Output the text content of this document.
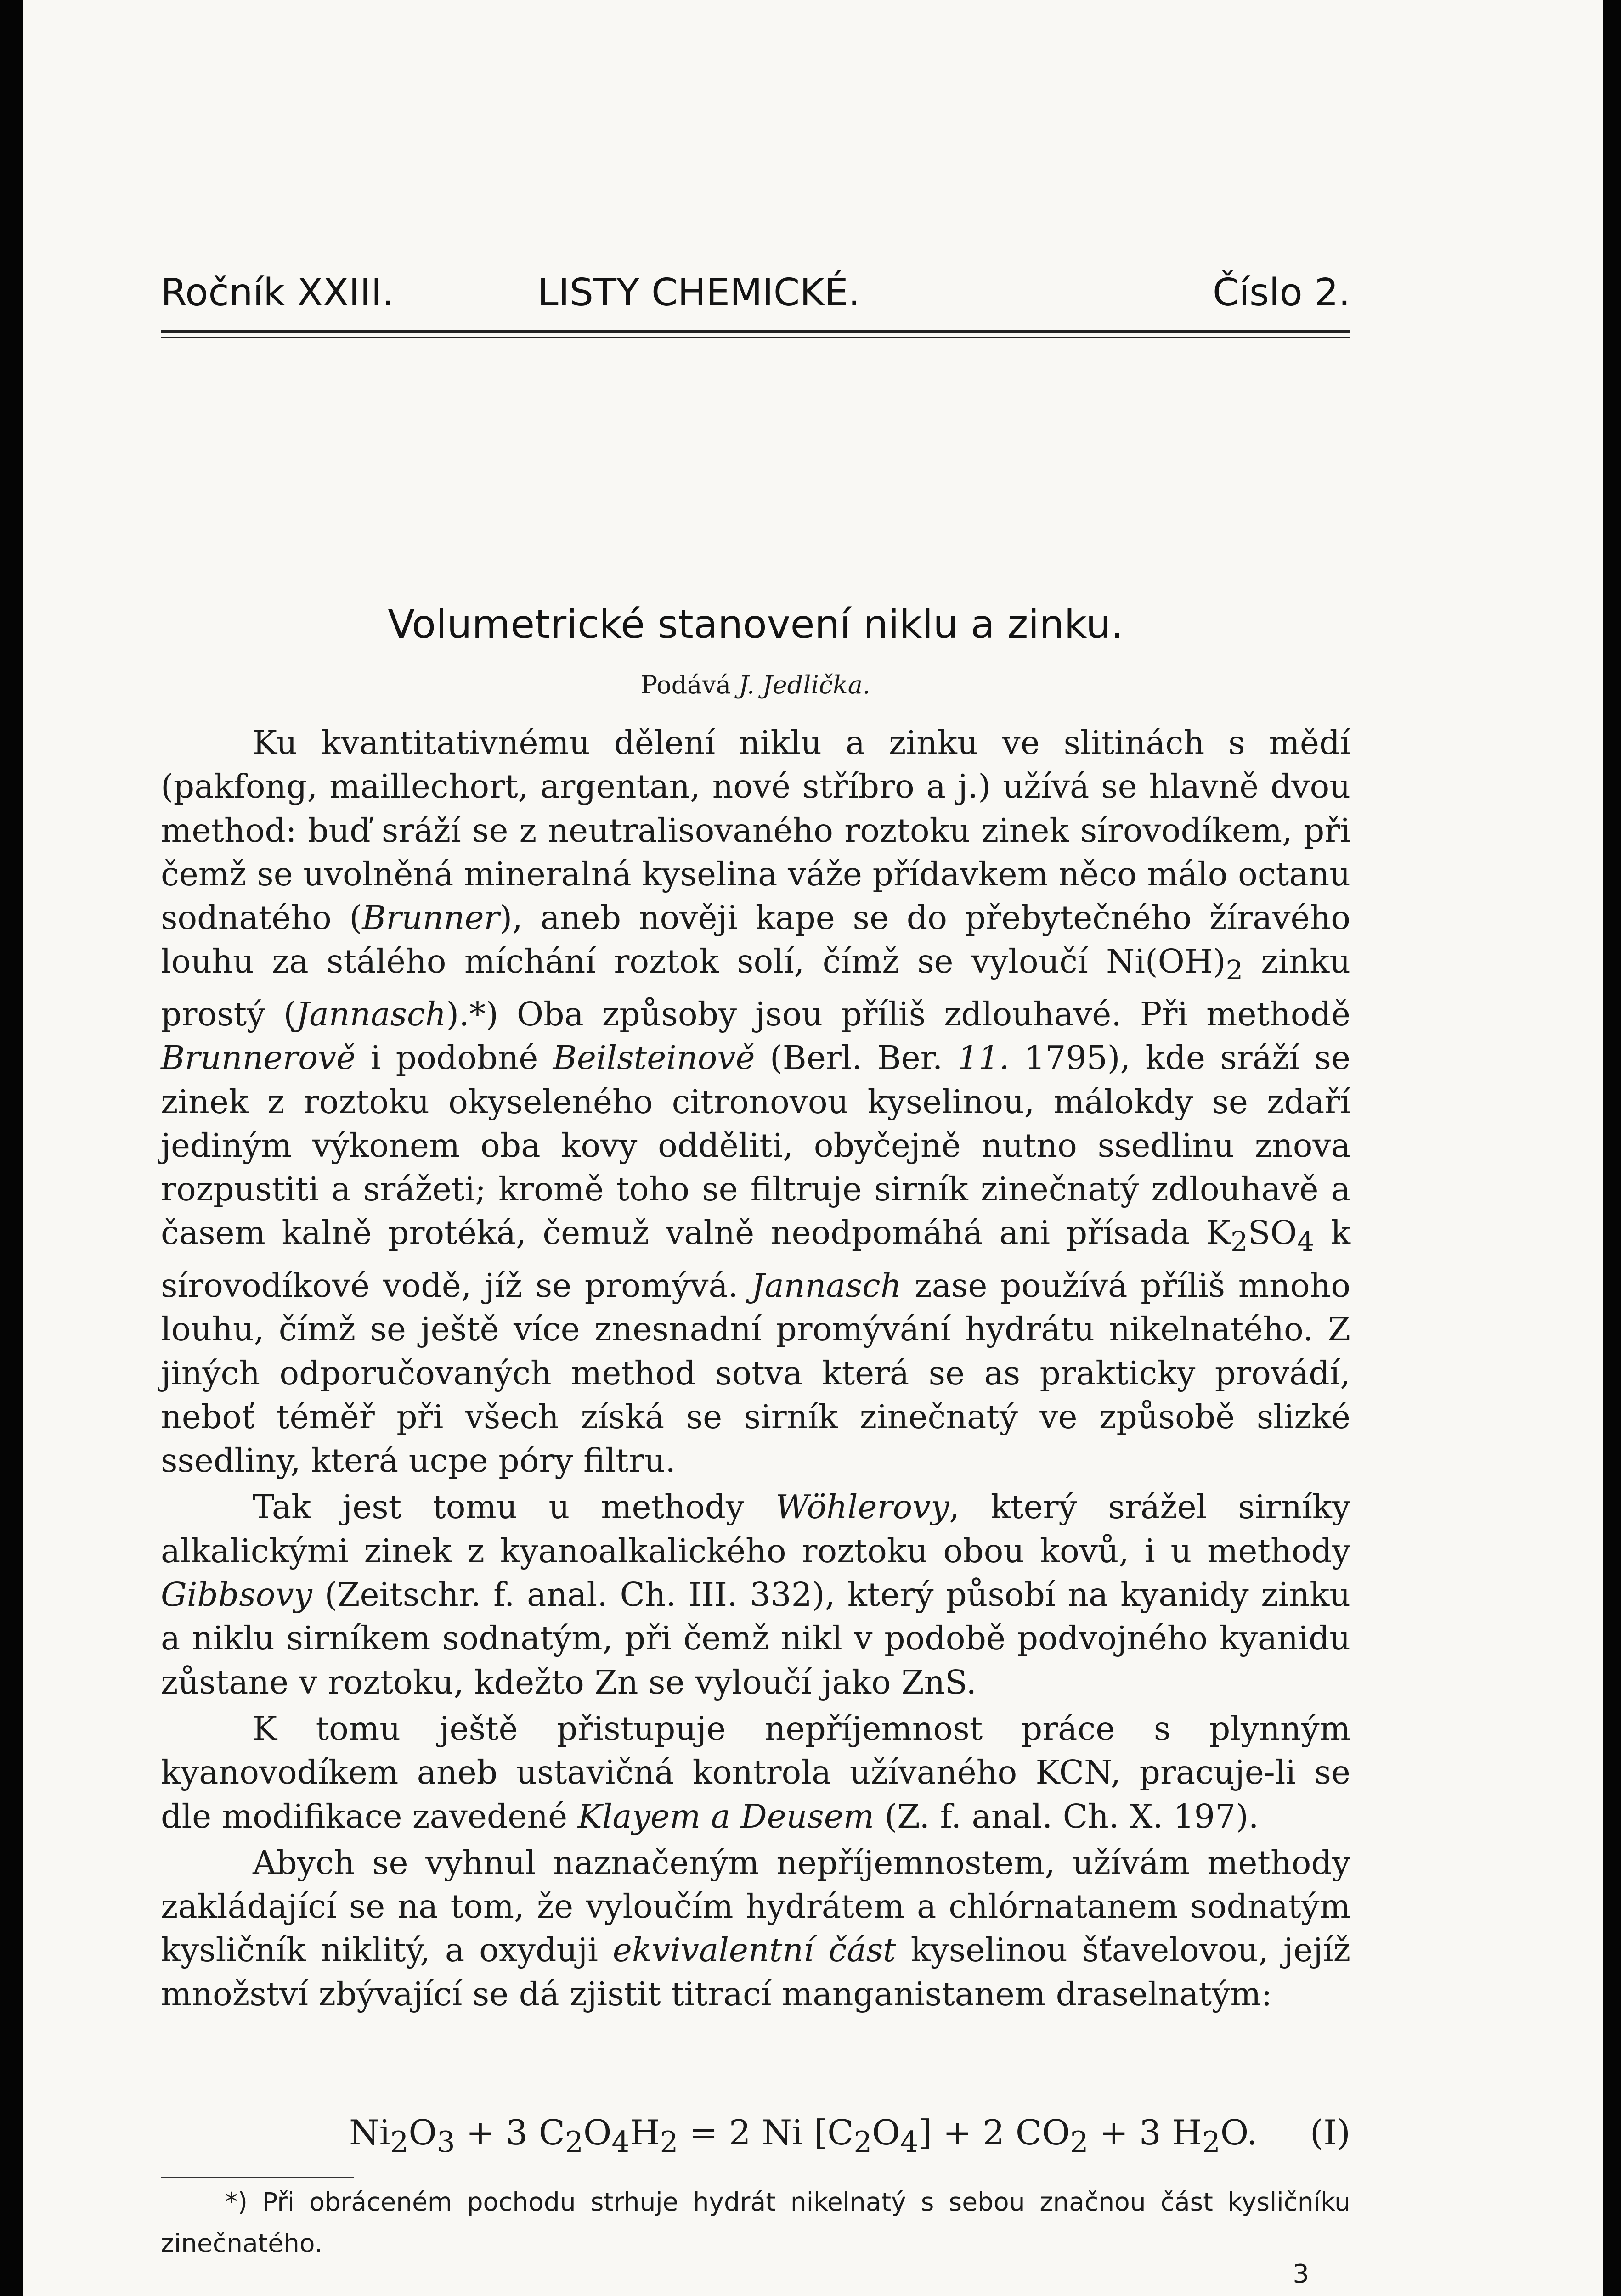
Ročník XXIII.	LISTY CHEMICKÉ.	Číslo 2.
Volumetrické stanovení niklu a zinku.
Podává J. Jedlička.

Ku kvantitativnému dělení niklu a zinku ve slitinách s mědí (pakfong, maillechort, argentan, nové stříbro a j.) užívá se hlavně dvou method: buď sráží se z neutralisovaného roztoku zinek sírovodíkem, při čemž se uvolněná mineralná kyselina váže přídavkem něco málo octanu sodnatého (Brunner), aneb nověji kape se do přebytečného žíravého louhu za stálého míchání roztok solí, čímž se vyloučí $Ni(OH)_2$ zinku prostý (Jannasch).*) Oba způsoby jsou příliš zdlouhavé. Při methodě Brunnerově i podobné Beilsteinově (Berl. Ber. 11. 1795), kde sráží se zinek z roztoku okyseleného citronovou kyselinou, málokdy se zdaří jediným výkonem oba kovy odděliti, obyčejně nutno ssedlinu znova rozpustiti a srážeti; kromě toho se filtruje sirník zinečnatý zdlouhavě a časem kalně protéká, čemuž valně neodpomáhá ani přísada $K_2SO_4$ k sírovodíkové vodě, jíž se promývá. Jannasch zase používá příliš mnoho louhu, čímž se ještě více znesnadní promývání hydrátu nikelnatého. Z jiných odporučovaných method sotva která se as prakticky provádí, neboť téměř při všech získá se sirník zinečnatý ve způsobě slizké ssedliny, která ucpe póry filtru.

Tak jest tomu u methody Wöhlerovy, který srážel sirníky alkalickými zinek z kyanoalkalického roztoku obou kovů, i u methody Gibbsovy (Zeitschr. f. anal. Ch. III. 332), který působí na kyanidy zinku a niklu sirníkem sodnatým, při čemž nikl v podobě podvojného kyanidu zůstane v roztoku, kdežto Zn se vyloučí jako ZnS.

K tomu ještě přistupuje nepříjemnost práce s plynným kyanovodíkem aneb ustavičná kontrola užívaného KCN, pracuje-li se dle modifikace zavedené Klayem a Deusem (Z. f. anal. Ch. X. 197).

Abych se vyhnul naznačeným nepříjemnostem, užívám methody zakládající se na tom, že vyloučím hydrátem a chlórnatanem sodnatým kysličník niklitý, a oxyduji ekvivalentní část kyselinou šťavelovou, jejíž množství zbývající se dá zjistit titrací manganistanem draselnatým:

$Ni_2O_3 + 3$ $C_2O_4H_2 = 2$ Ni $[C_2O_4] + 2$ $CO_2 + 3$ $H_2O$. (I)

*) Při obráceném pochodu strhuje hydrát nikelnatý s sebou značnou část kysličníku zinečnatého.

3
